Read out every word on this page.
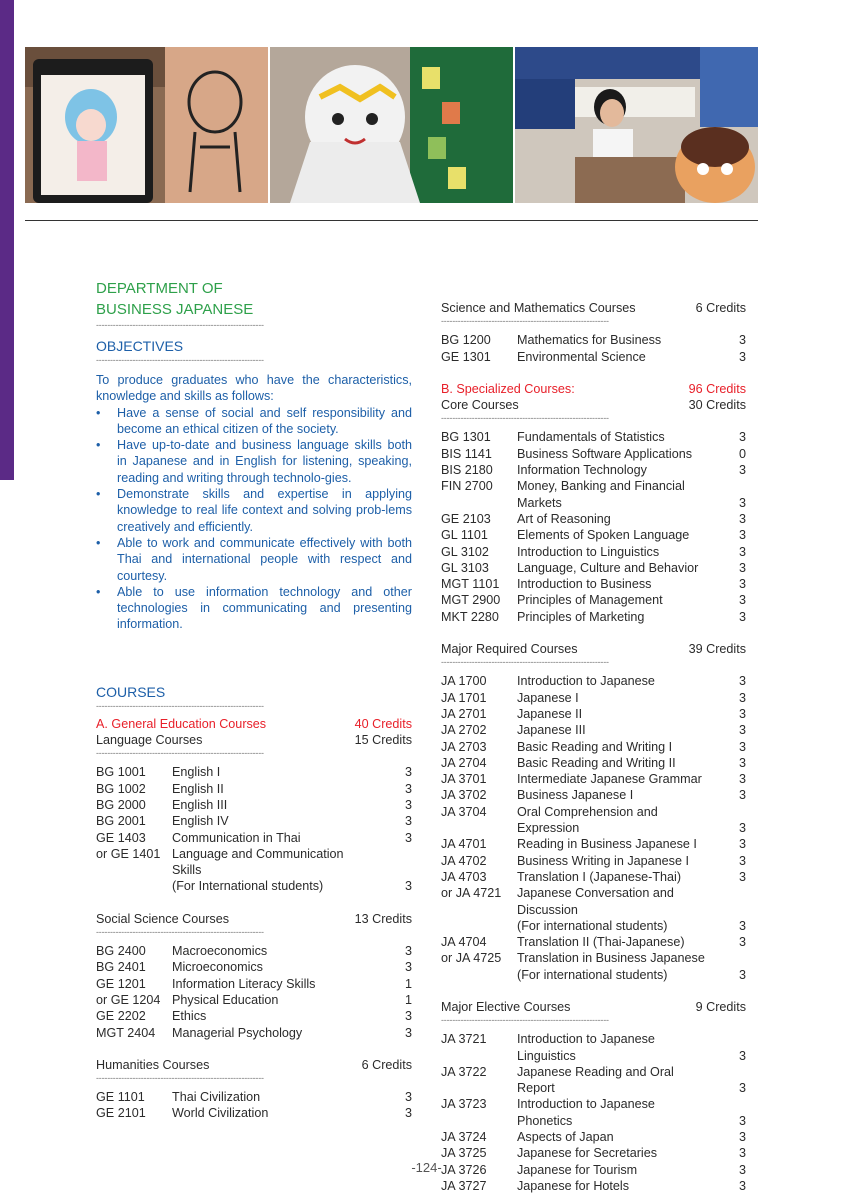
DEPARTMENT OF
BUSINESS JAPANESE
------------------------------------------------------------
OBJECTIVES
------------------------------------------------------------
To produce graduates who have the characteristics, knowledge and skills as follows:
• Have a sense of social and self responsibility and become an ethical citizen of the society.
• Have up-to-date and business language skills both in Japanese and in English for listening, speaking, reading and writing through technolo-gies.
• Demonstrate skills and expertise in applying knowledge to real life context and solving prob-lems creatively and efficiently.
• Able to work and communicate effectively with both Thai and international people with respect and courtesy.
• Able to use information technology and other technologies in communicating and presenting information.
COURSES
------------------------------------------------------------
A. General Education Courses	40 Credits
Language Courses	15 Credits
------------------------------------------------------------
BG 1001	English I	3
BG 1002	English II	3
BG 2000	English III	3
BG 2001	English IV	3
GE 1403	Communication in Thai	3
or GE 1401 Language and Communication Skills
(For International students)	3
Social Science Courses	13 Credits
------------------------------------------------------------
BG 2400	Macroeconomics	3
BG 2401	Microeconomics	3
GE 1201	Information Literacy Skills	1
or GE 1204 Physical Education	1
GE 2202	Ethics	3
MGT 2404	Managerial Psychology	3
Humanities Courses	6 Credits
------------------------------------------------------------
GE 1101	Thai Civilization	3
GE 2101	World Civilization	3
Science and Mathematics Courses	6 Credits
------------------------------------------------------------
BG 1200	Mathematics for Business	3
GE 1301	Environmental Science	3
B. Specialized Courses:	96 Credits
Core Courses	30 Credits
------------------------------------------------------------
BG 1301	Fundamentals of Statistics	3
BIS 1141	Business Software Applications	0
BIS 2180	Information Technology	3
FIN 2700	Money, Banking and Financial
Markets	3
GE 2103	Art of Reasoning	3
GL 1101	Elements of Spoken Language	3
GL 3102	Introduction to Linguistics	3
GL 3103	Language, Culture and Behavior	3
MGT 1101	Introduction to Business	3
MGT 2900	Principles of Management	3
MKT 2280	Principles of Marketing	3
Major Required Courses	39 Credits
------------------------------------------------------------
JA 1700	Introduction to Japanese	3
JA 1701	Japanese I	3
JA 2701	Japanese II	3
JA 2702	Japanese III	3
JA 2703	Basic Reading and Writing I	3
JA 2704	Basic Reading and Writing II	3
JA 3701	Intermediate Japanese Grammar	3
JA 3702	Business Japanese I	3
JA 3704	Oral Comprehension and Expression	3
JA 4701	Reading in Business Japanese I	3
JA 4702	Business Writing in Japanese I	3
JA 4703	Translation I (Japanese-Thai)	3
or JA 4721	Japanese Conversation and
Discussion
(For international students)	3
JA 4704	Translation II (Thai-Japanese)	3
or JA 4725	Translation in Business Japanese
(For international students)	3
Major Elective Courses	9 Credits
------------------------------------------------------------
JA 3721	Introduction to Japanese
Linguistics	3
JA 3722	Japanese Reading and Oral Report	3
JA 3723	Introduction to Japanese Phonetics	3
JA 3724	Aspects of Japan	3
JA 3725	Japanese for Secretaries	3
JA 3726	Japanese for Tourism	3
JA 3727	Japanese for Hotels	3
-124-
